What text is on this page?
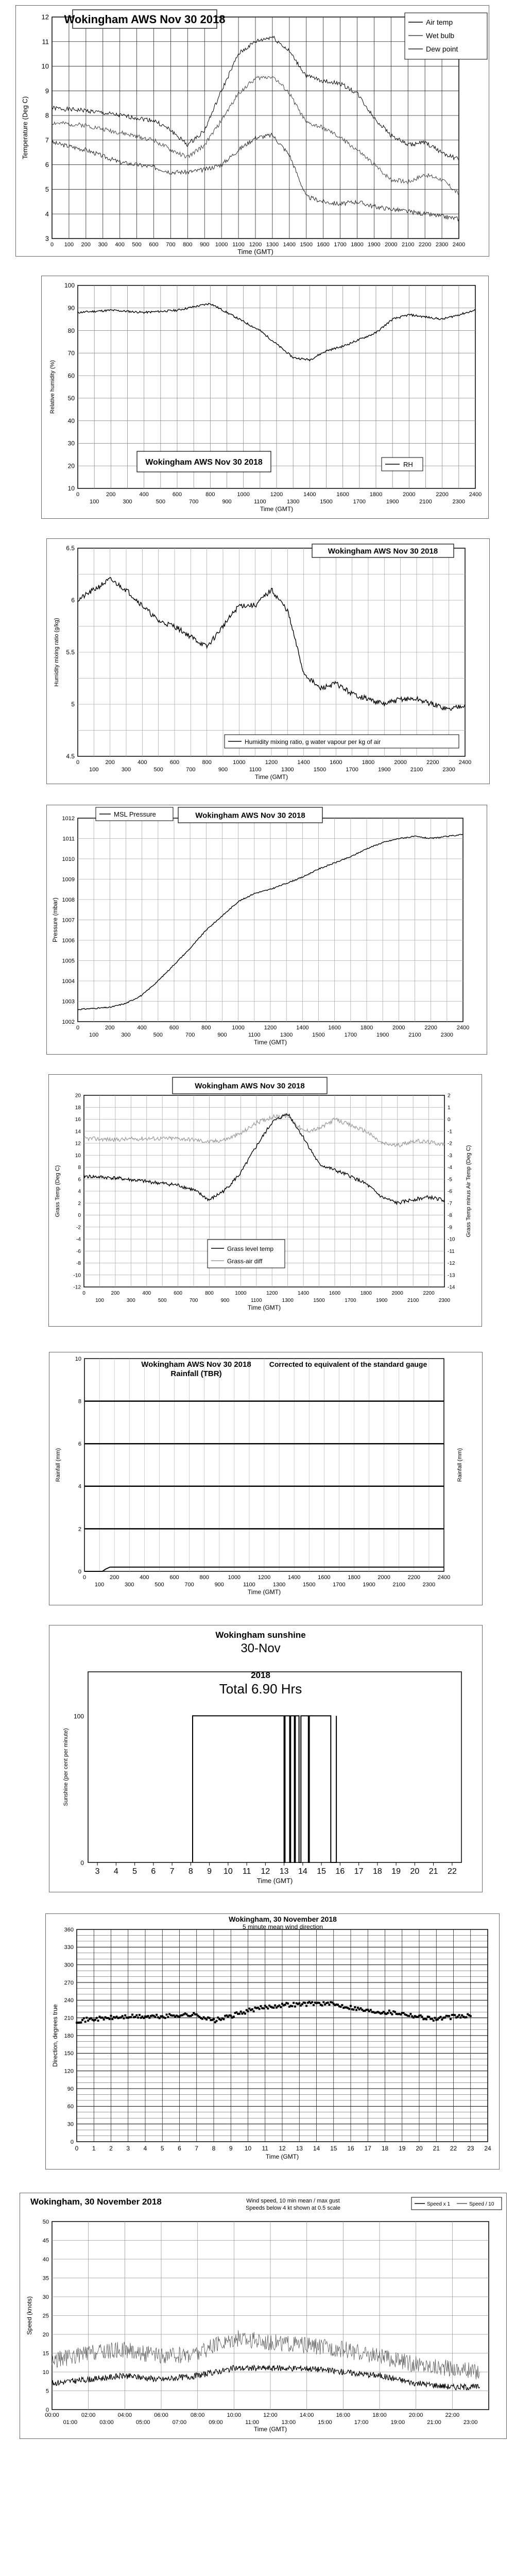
3
4
5
6
7
8
9
10
11
12
0 100 200 300 400 500 600 700 800 900 1000 1100 1200 1300 1400 1500 1600 1700 1800 1900 2000 2100 2200 2300 2400
Time (GMT)
Temperature (Deg C)
Wokingham AWS Nov 30 2018	Air temp
Wet bulb
Dew point
10
20
30
40
50
60
70
80
90
100
0	200	400	600	800	1000	1200	1400	1600	1800	2000	2200	2400
100	300	500	700	900	1100	1300	1500	1700	1900	2100	2300
Time (GMT)
Relative humidity (%)
Wokingham AWS Nov 30 2018	RH
4.5
5
5.5
6
6.5
0	200	400	600	800	1000	1200	1400	1600	1800	2000	2200	2400
100	300	500	700	900	1100	1300	1500	1700	1900	2100	2300
Time (GMT)
Humidity mixing ratio (g/kg)
Wokingham AWS Nov 30 2018
Humidity mixing ratio, g water vapour per kg of air
1002
1003
1004
1005
1006
1007
1008
1009
1010
1011
1012
0	200	400	600	800	1000	1200	1400	1600	1800	2000	2200	2400
100	300	500	700	900	1100	1300	1500	1700	1900	2100	2300
Time (GMT)
Pressure (mbar)
MSL Pressure	Wokingham AWS Nov 30 2018
-12
-10
-8
-6
-4
-2
0
2
4
6
8
10
12
14
16
18
20
-14
-13
-12
-11
-10
-9
-8
-7
-6
-5
-4
-3
-2
-1
0
1
2
0	200	400	600	800	1000	1200	1400	1600	1800	2000	2200
100	300	500	700	900	1100	1300	1500	1700	1900	2100	2300
Time (GMT)
Grass Temp (Deg C)	Grass Temp minus Air Temp (Deg C)
Wokingham AWS Nov 30 2018
Grass level temp
Grass-air diff
0
2
4
6
8
10
0	200	400	600	800	1000	1200	1400	1600	1800	2000	2200	2400
100	300	500	700	900	1100	1300	1500	1700	1900	2100	2300
Time (GMT)
Rainfall (mm)	Rainfall (mm)
Wokingham AWS Nov 30 2018
Rainfall (TBR)
Corrected to equivalent of the standard gauge
3 4 5 6 7 8 9 10 11 12 13 14 15 16 17 18 19 20 21 22
Time (GMT)
0
100
Sunshine (per cent per minute)
Wokingham sunshine
30-Nov
2018
Total 6.90 Hrs
0
30
60
90
120
150
180
210
240
270
300
330
360
0 1 2 3 4 5 6 7 8 9 10 11 12 13 14 15 16 17 18 19 20 21 22 23 24
Time (GMT)
Direction, degrees true
Wokingham, 30 November 2018
5 minute mean wind direction
0
5
10
15
20
25
30
35
40
45
50
00:00	02:00	04:00	06:00	08:00	10:00	12:00	14:00	16:00	18:00	20:00	22:00
01:00	03:00	05:00	07:00	09:00	11:00	13:00	15:00	17:00	19:00	21:00	23:00
Time (GMT)
Speed (knots)
Wokingham, 30 November 2018	Wind speed, 10 min mean / max gust
Speeds below 4 kt shown at 0.5 scale
Speed x 1	Speed / 10
